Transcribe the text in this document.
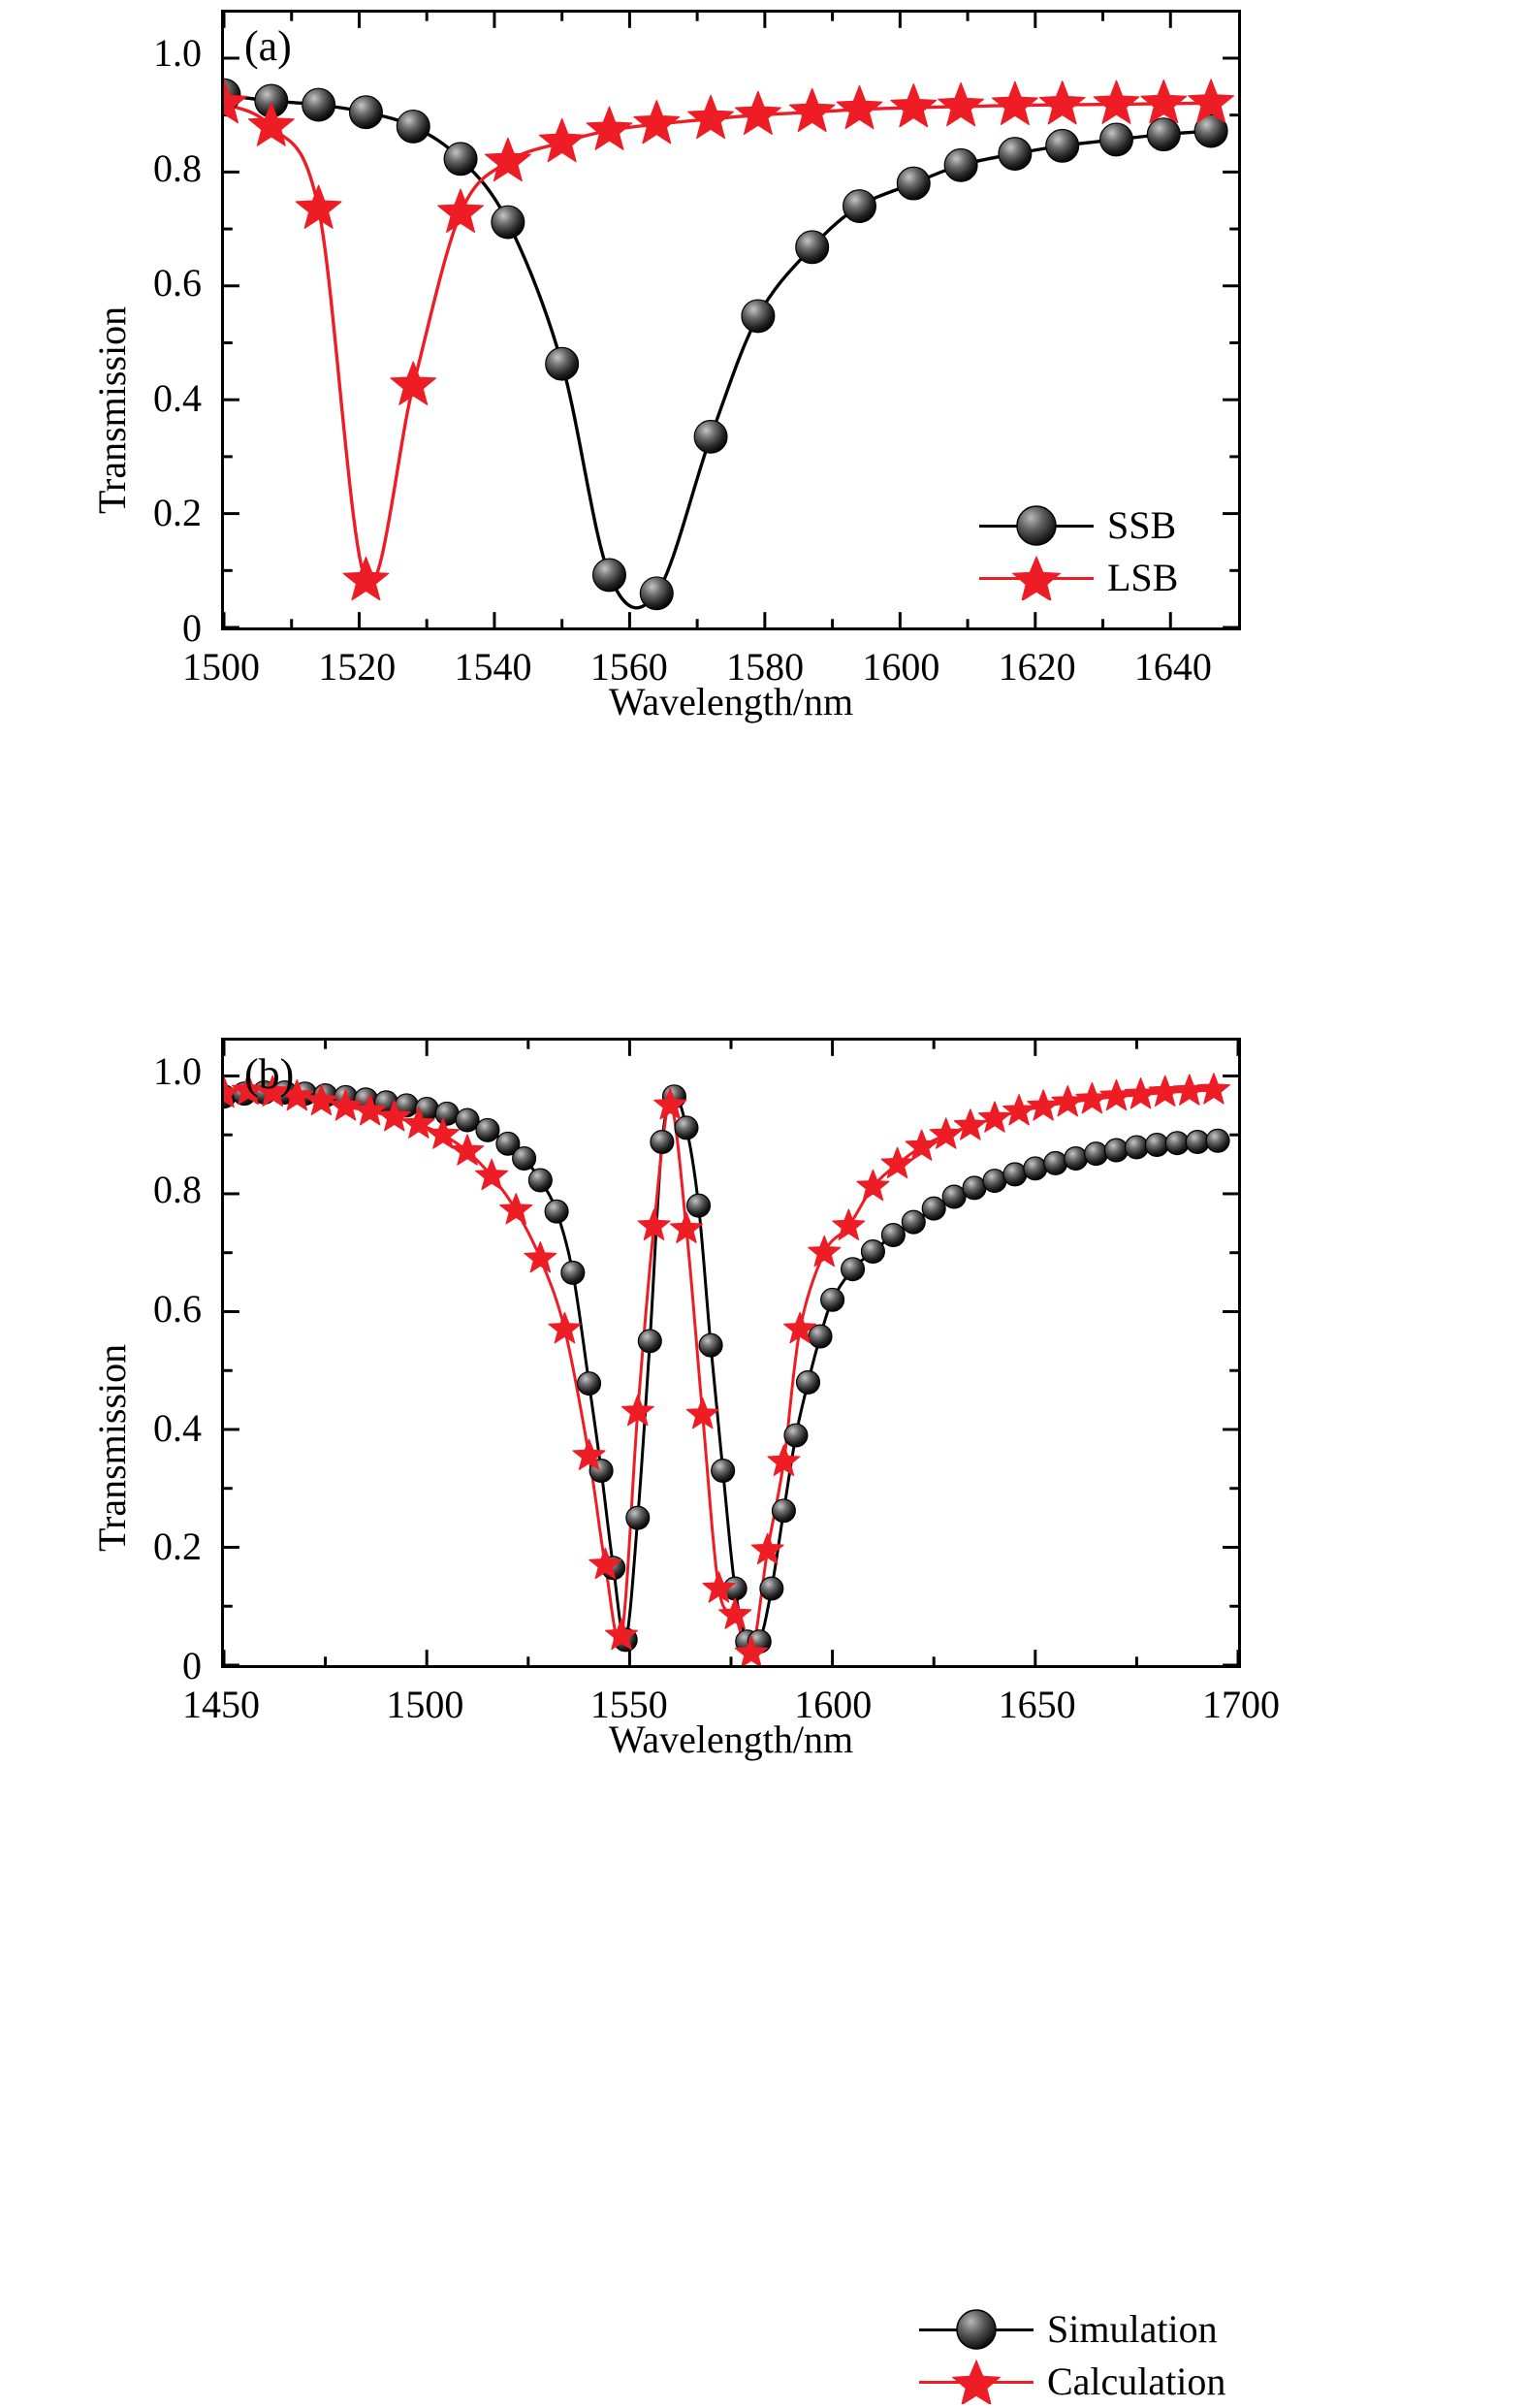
(a)
Transmission
Wavelength/nm
SSB
LSB
1500	1520	1540	1560	1580	1600	1620	1640
0
0.2
0.4
0.6
0.8
1.0
(b)
Transmission
Wavelength/nm
Simulation
Calculation
1450	1500	1550	1600	1650	1700
0
0.2
0.4
0.6
0.8
1.0
